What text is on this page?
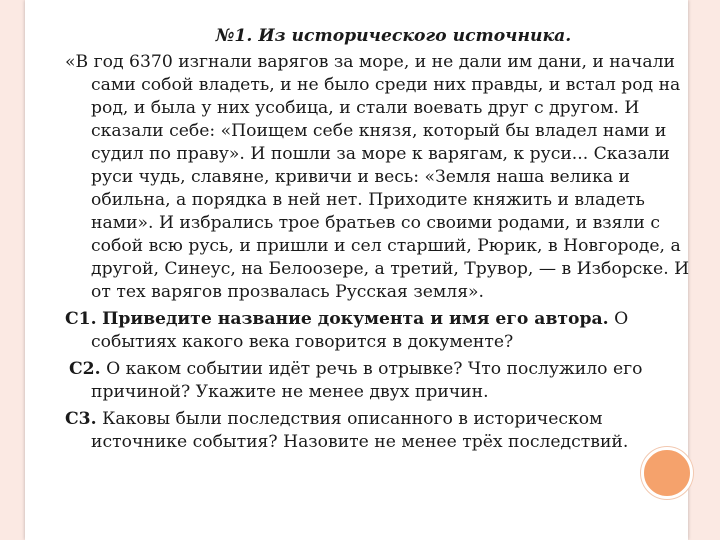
№1. Из исторического источника.
«В год 6370 изгнали варягов за море, и не дали им дани, и начали сами собой владеть, и не было среди них правды, и встал род на род, и была у них усобица, и стали воевать друг с другом. И сказали себе: «Поищем себе князя, который бы владел нами и судил по праву». И пошли за море к варягам, к руси... Сказали руси чудь, славяне, кривичи и весь: «Земля наша велика и обильна, а порядка в ней нет. Приходите княжить и владеть нами». И избрались трое братьев со своими родами, и взяли с собой всю русь, и пришли и сел старший, Рюрик, в Новгороде, а другой, Синеус, на Белоозере, а третий, Трувор, — в Изборске. И от тех варягов прозвалась Русская земля».
С1. Приведите название документа и имя его автора. О событиях какого века говорится в документе?
С2. О каком событии идёт речь в отрывке? Что послужило его причиной? Укажите не менее двух причин.
С3. Каковы были последствия описанного в историческом источнике события? Назовите не менее трёх последствий.
